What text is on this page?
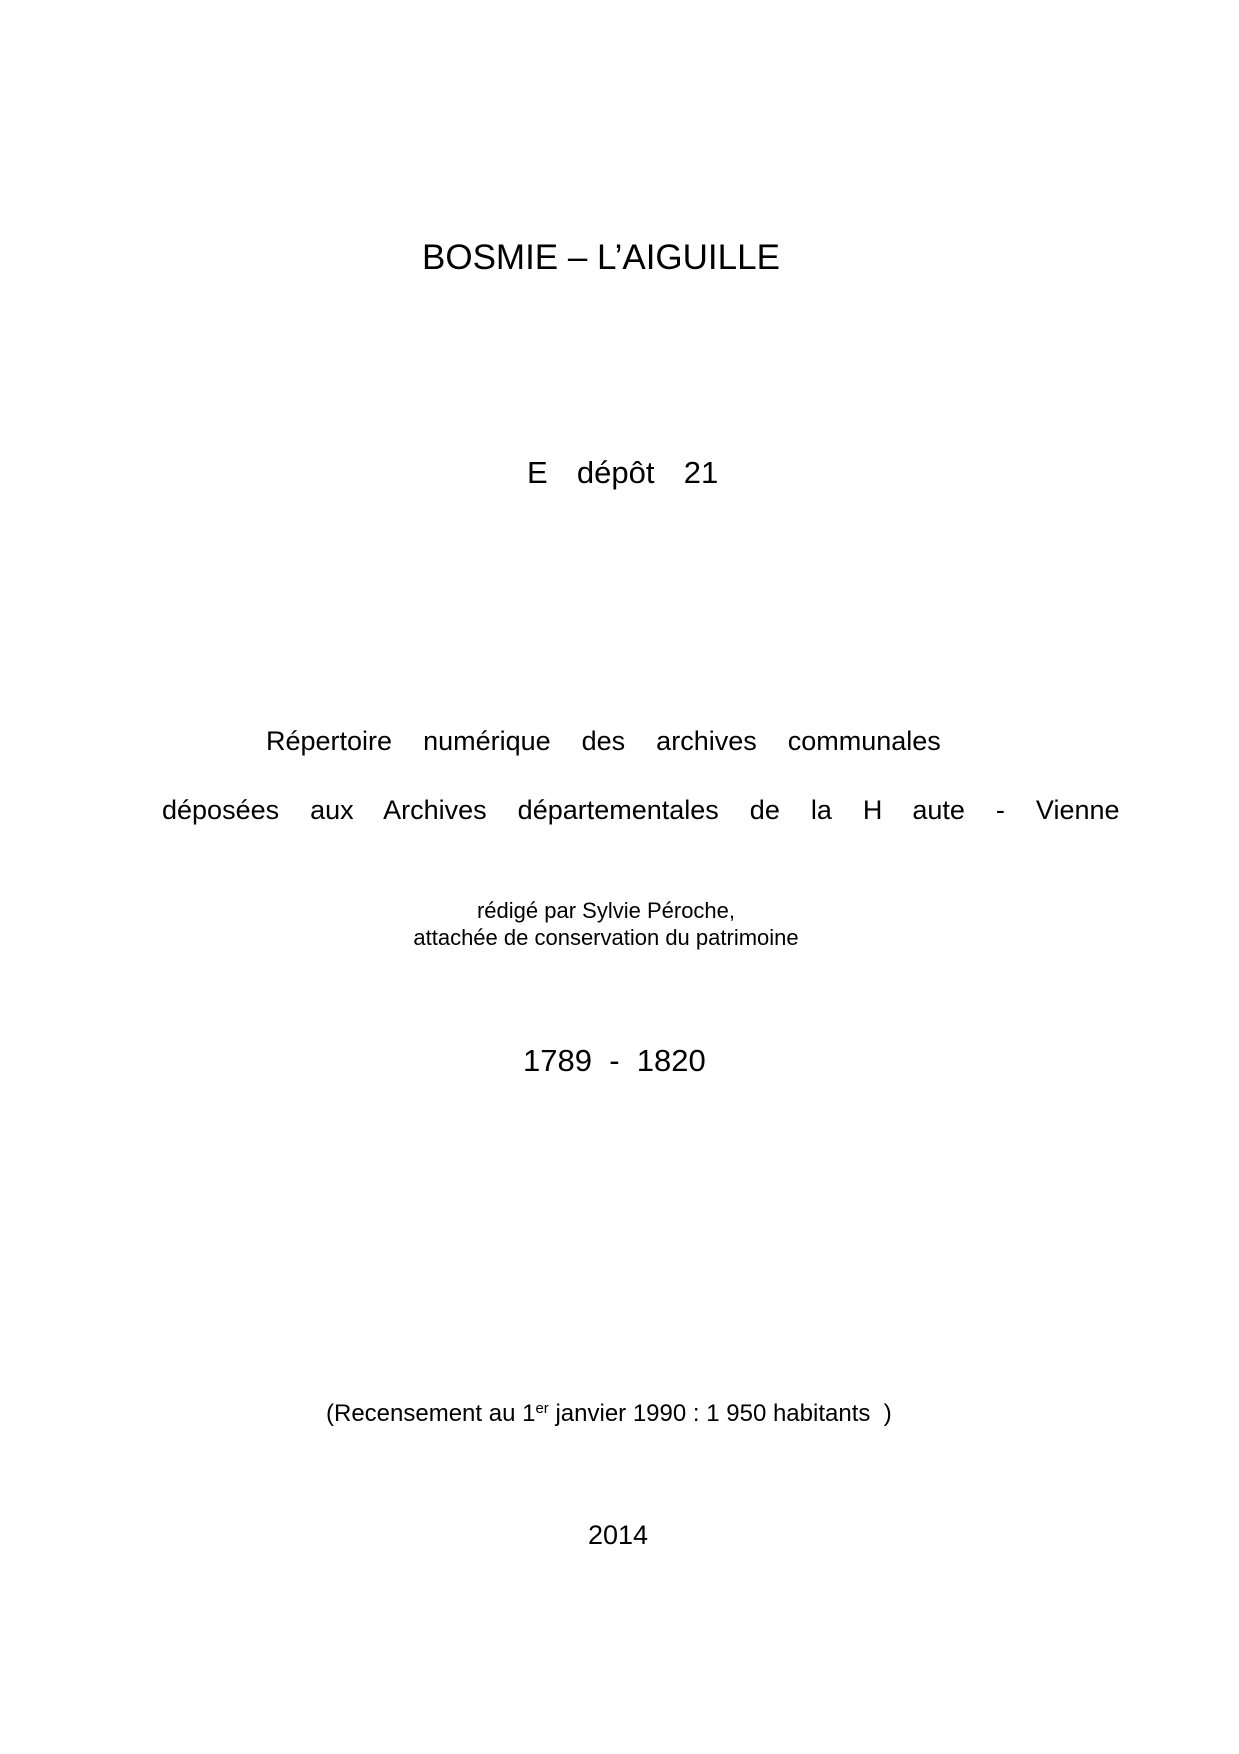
BOSMIE – L’AIGUILLE
E  dépôt  21
Répertoire  numérique  des  archives  communales
déposées  aux  Archives  départementales  de  la  H aute  -  Vienne
rédigé par Sylvie Péroche,
attachée de conservation du patrimoine
1789  -  1820
(Recensement au 1er janvier 1990 : 1 950 habitants  )
2014
